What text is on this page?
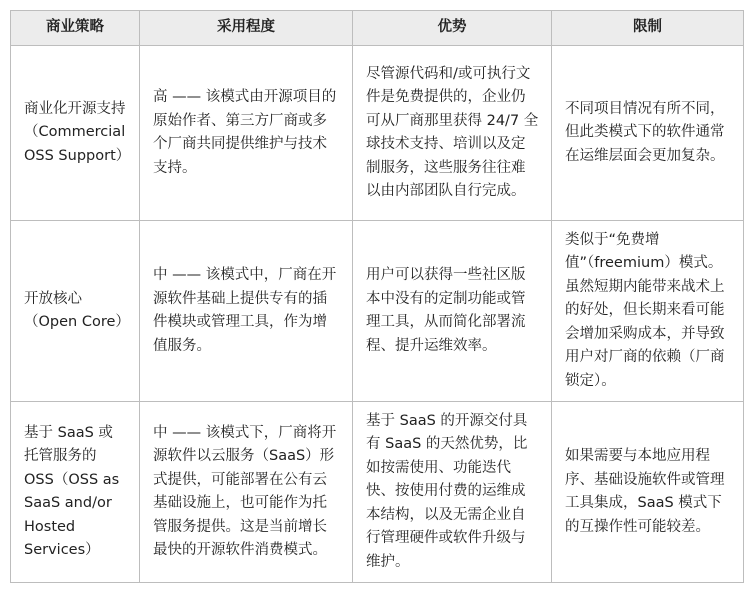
商业策略	采用程度	优势	限制
商业化开源支持（Commercial OSS Support）	高 —— 该模式由开源项目的原始作者、第三方厂商或多个厂商共同提供维护与技术支持。	尽管源代码和/或可执行文件是免费提供的，企业仍可从厂商那里获得 24/7 全球技术支持、培训以及定制服务，这些服务往往难以由内部团队自行完成。	不同项目情况有所不同，但此类模式下的软件通常在运维层面会更加复杂。
开放核心（Open Core）	中 —— 该模式中，厂商在开源软件基础上提供专有的插件模块或管理工具，作为增值服务。	用户可以获得一些社区版本中没有的定制功能或管理工具，从而简化部署流程、提升运维效率。	类似于“免费增值”（freemium）模式。虽然短期内能带来战术上的好处，但长期来看可能会增加采购成本，并导致用户对厂商的依赖（厂商锁定）。
基于 SaaS 或托管服务的 OSS（OSS as SaaS and/or Hosted Services）	中 —— 该模式下，厂商将开源软件以云服务（SaaS）形式提供，可能部署在公有云基础设施上，也可能作为托管服务提供。这是当前增长最快的开源软件消费模式。	基于 SaaS 的开源交付具有 SaaS 的天然优势，比如按需使用、功能迭代快、按使用付费的运维成本结构，以及无需企业自行管理硬件或软件升级与维护。	如果需要与本地应用程序、基础设施软件或管理工具集成，SaaS 模式下的互操作性可能较差。
